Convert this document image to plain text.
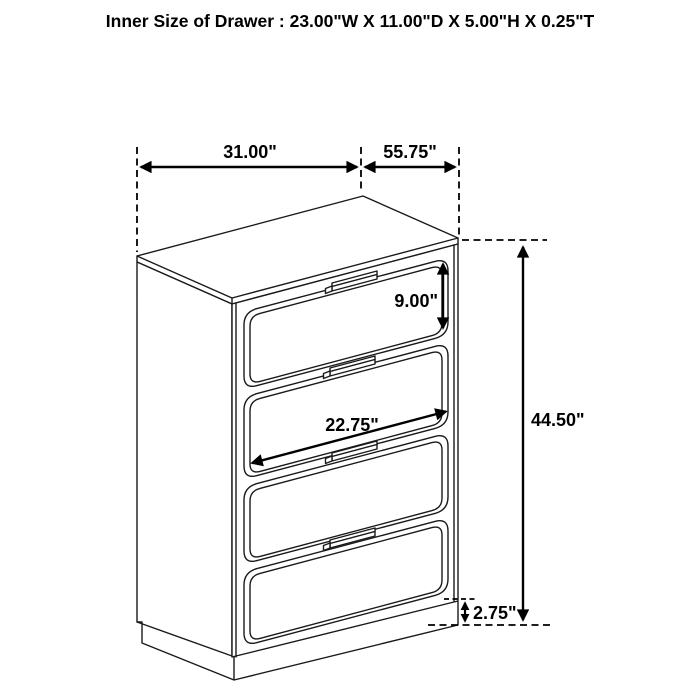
Inner Size of Drawer : 23.00"W X 11.00"D X 5.00"H X 0.25"T
31.00"	55.75"
9.00"
22.75"	44.50"
2.75"
